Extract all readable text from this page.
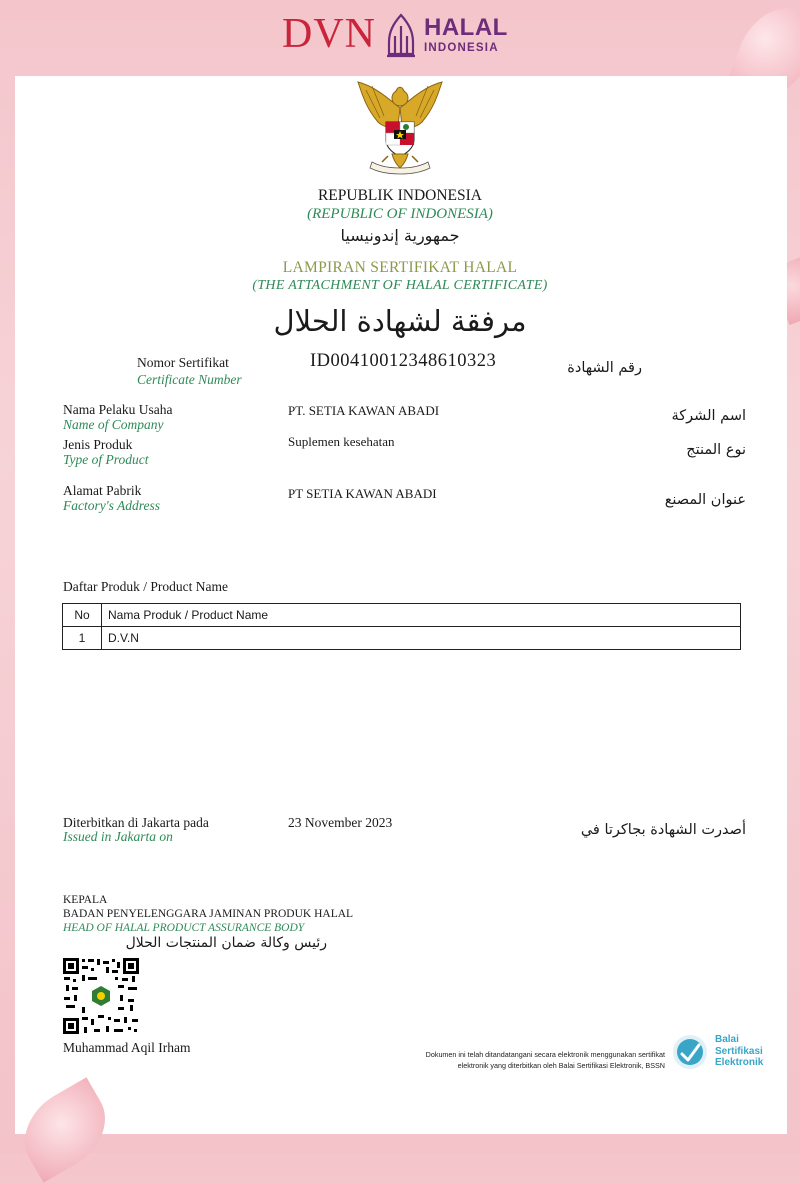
DVN HALAL
INDONESIA
REPUBLIK INDONESIA
(REPUBLIC OF INDONESIA)
جمهورية إندونيسيا
LAMPIRAN SERTIFIKAT HALAL
(THE ATTACHMENT OF HALAL CERTIFICATE)
مرفقة لشهادة الحلال
Nomor Sertifikat
Certificate Number
ID00410012348610323	رقم الشهادة
Nama Pelaku Usaha
Name of Company
PT. SETIA KAWAN ABADI	اسم الشركة
Jenis Produk
Type of Product
Suplemen kesehatan
نوع المنتج
Alamat Pabrik
Factory's Address
PT SETIA KAWAN ABADI	عنوان المصنع
Daftar Produk / Product Name
No	Nama Produk / Product Name
1	D.V.N
Diterbitkan di Jakarta pada
Issued in Jakarta on
23 November 2023	أصدرت الشهادة بجاكرتا في
KEPALA
BADAN PENYELENGGARA JAMINAN PRODUK HALAL
HEAD OF HALAL PRODUCT ASSURANCE BODY
رئيس وكالة ضمان المنتجات الحلال
Muhammad Aqil Irham	Dokumen ini telah ditandatangani secara elektronik menggunakan sertifikat
elektronik yang diterbitkan oleh Balai Sertifikasi Elektronik, BSSN
Balai
Sertifikasi
Elektronik
